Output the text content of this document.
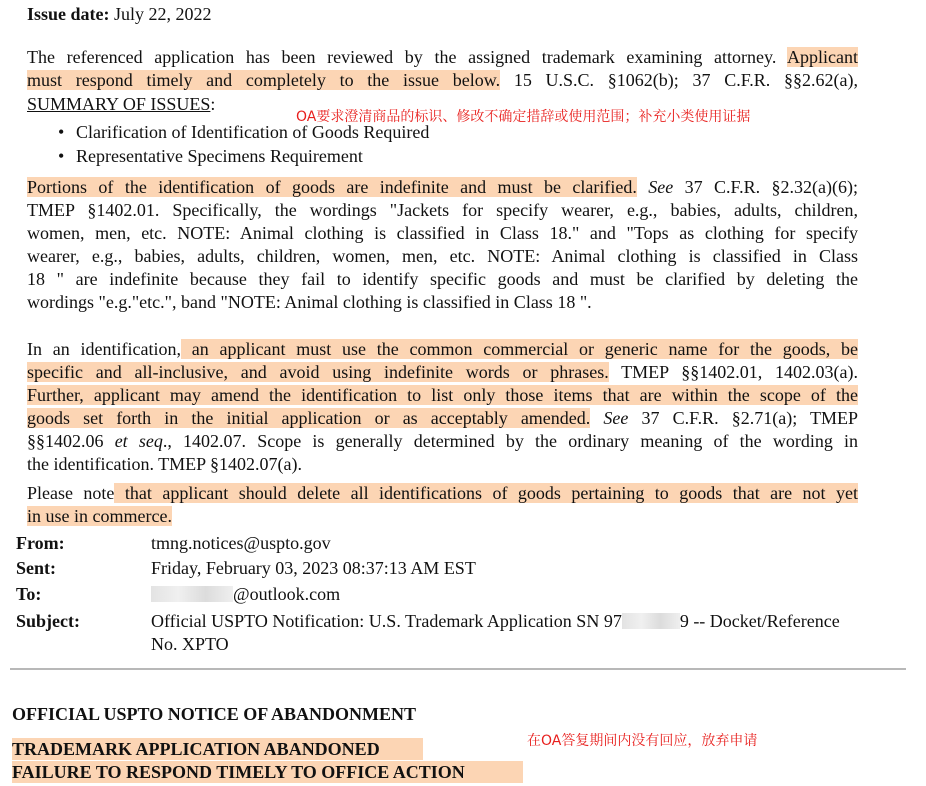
Issue date: July 22, 2022
The referenced application has been reviewed by the assigned trademark examining attorney. Applicant
must respond timely and completely to the issue below. 15 U.S.C. §1062(b); 37 C.F.R. §§2.62(a),
SUMMARY OF ISSUES:
OA要求澄清商品的标识、修改不确定措辞或使用范围；补充小类使用证据
• Clarification of Identification of Goods Required
• Representative Specimens Requirement
Portions of the identification of goods are indefinite and must be clarified. See 37 C.F.R. §2.32(a)(6);
TMEP §1402.01. Specifically, the wordings "Jackets for specify wearer, e.g., babies, adults, children,
women, men, etc. NOTE: Animal clothing is classified in Class 18." and "Tops as clothing for specify
wearer, e.g., babies, adults, children, women, men, etc. NOTE: Animal clothing is classified in Class
18 " are indefinite because they fail to identify specific goods and must be clarified by deleting the
wordings "e.g."etc.", band "NOTE: Animal clothing is classified in Class 18 ".
In an identification, an applicant must use the common commercial or generic name for the goods, be
specific and all-inclusive, and avoid using indefinite words or phrases. TMEP §§1402.01, 1402.03(a).
Further, applicant may amend the identification to list only those items that are within the scope of the
goods set forth in the initial application or as acceptably amended. See 37 C.F.R. §2.71(a); TMEP
§§1402.06 et seq., 1402.07. Scope is generally determined by the ordinary meaning of the wording in
the identification. TMEP §1402.07(a).
Please note that applicant should delete all identifications of goods pertaining to goods that are not yet
in use in commerce.
From:	tmng.notices@uspto.gov
Sent:	Friday, February 03, 2023 08:37:13 AM EST
To:	@outlook.com
Subject:	Official USPTO Notification: U.S. Trademark Application SN 97	9 -- Docket/Reference
No. XPTO
OFFICIAL USPTO NOTICE OF ABANDONMENT
TRADEMARK APPLICATION ABANDONED
FAILURE TO RESPOND TIMELY TO OFFICE ACTION
在OA答复期间内没有回应，放弃申请
